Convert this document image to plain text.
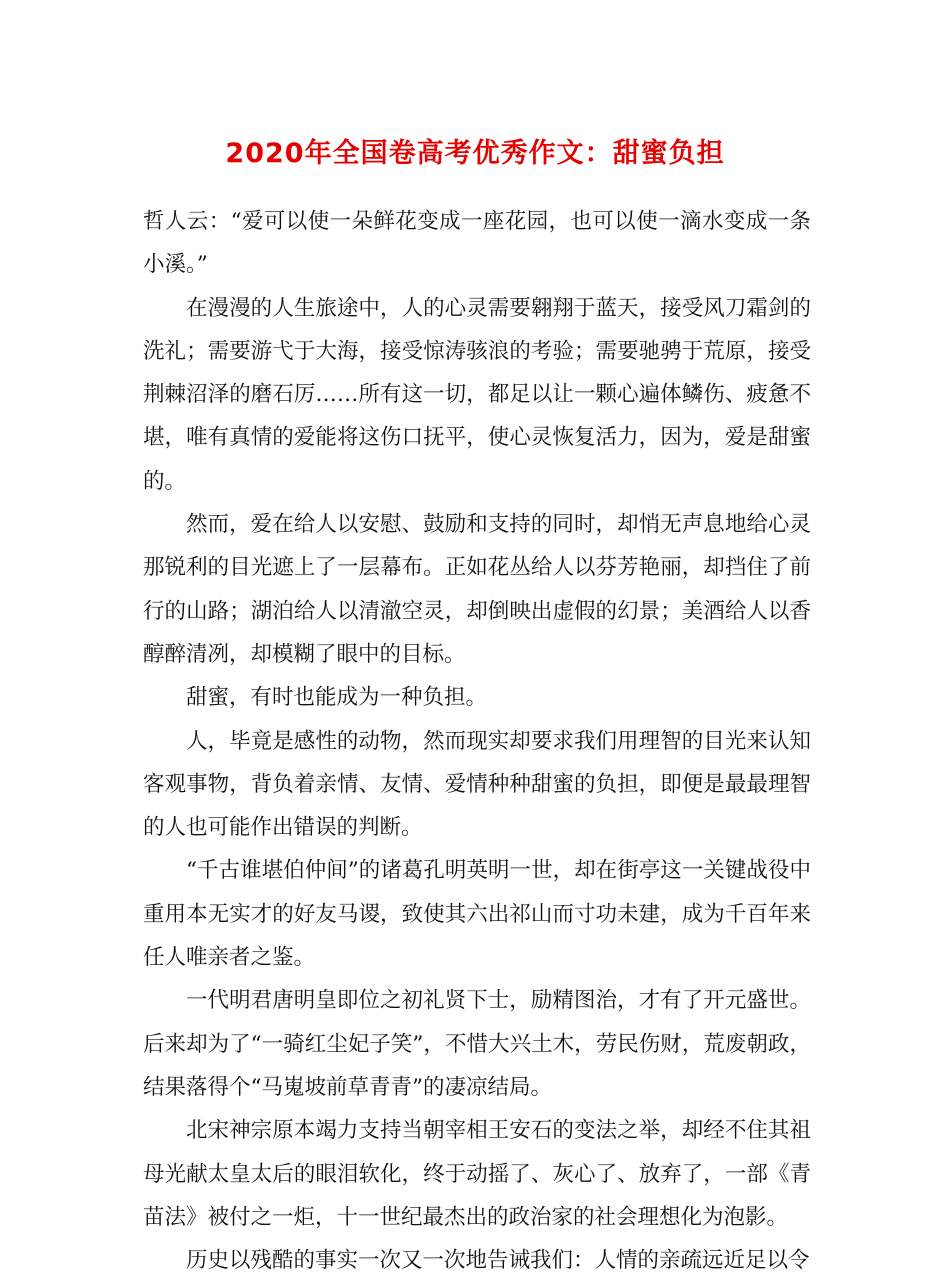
2020年全国卷高考优秀作文：甜蜜负担

哲人云：“爱可以使一朵鲜花变成一座花园，也可以使一滴水变成一条小溪。”

在漫漫的人生旅途中，人的心灵需要翱翔于蓝天，接受风刀霜剑的洗礼；需要游弋于大海，接受惊涛骇浪的考验；需要驰骋于荒原，接受荆棘沼泽的磨石厉……所有这一切，都足以让一颗心遍体鳞伤、疲惫不堪，唯有真情的爱能将这伤口抚平，使心灵恢复活力，因为，爱是甜蜜的。

然而，爱在给人以安慰、鼓励和支持的同时，却悄无声息地给心灵那锐利的目光遮上了一层幕布。正如花丛给人以芬芳艳丽，却挡住了前行的山路；湖泊给人以清澈空灵，却倒映出虚假的幻景；美酒给人以香醇醉清冽，却模糊了眼中的目标。

甜蜜，有时也能成为一种负担。

人，毕竟是感性的动物，然而现实却要求我们用理智的目光来认知客观事物，背负着亲情、友情、爱情种种甜蜜的负担，即便是最最理智的人也可能作出错误的判断。

“千古谁堪伯仲间”的诸葛孔明英明一世，却在街亭这一关键战役中重用本无实才的好友马谡，致使其六出祁山而寸功未建，成为千百年来任人唯亲者之鉴。

一代明君唐明皇即位之初礼贤下士，励精图治，才有了开元盛世。后来却为了“一骑红尘妃子笑”，不惜大兴土木，劳民伤财，荒废朝政，结果落得个“马嵬坡前草青青”的凄凉结局。

北宋神宗原本竭力支持当朝宰相王安石的变法之举，却经不住其祖母光献太皇太后的眼泪软化，终于动摇了、灰心了、放弃了，一部《青苗法》被付之一炬，十一世纪最杰出的政治家的社会理想化为泡影。

历史以残酷的事实一次又一次地告诫我们：人情的亲疏远近足以令
